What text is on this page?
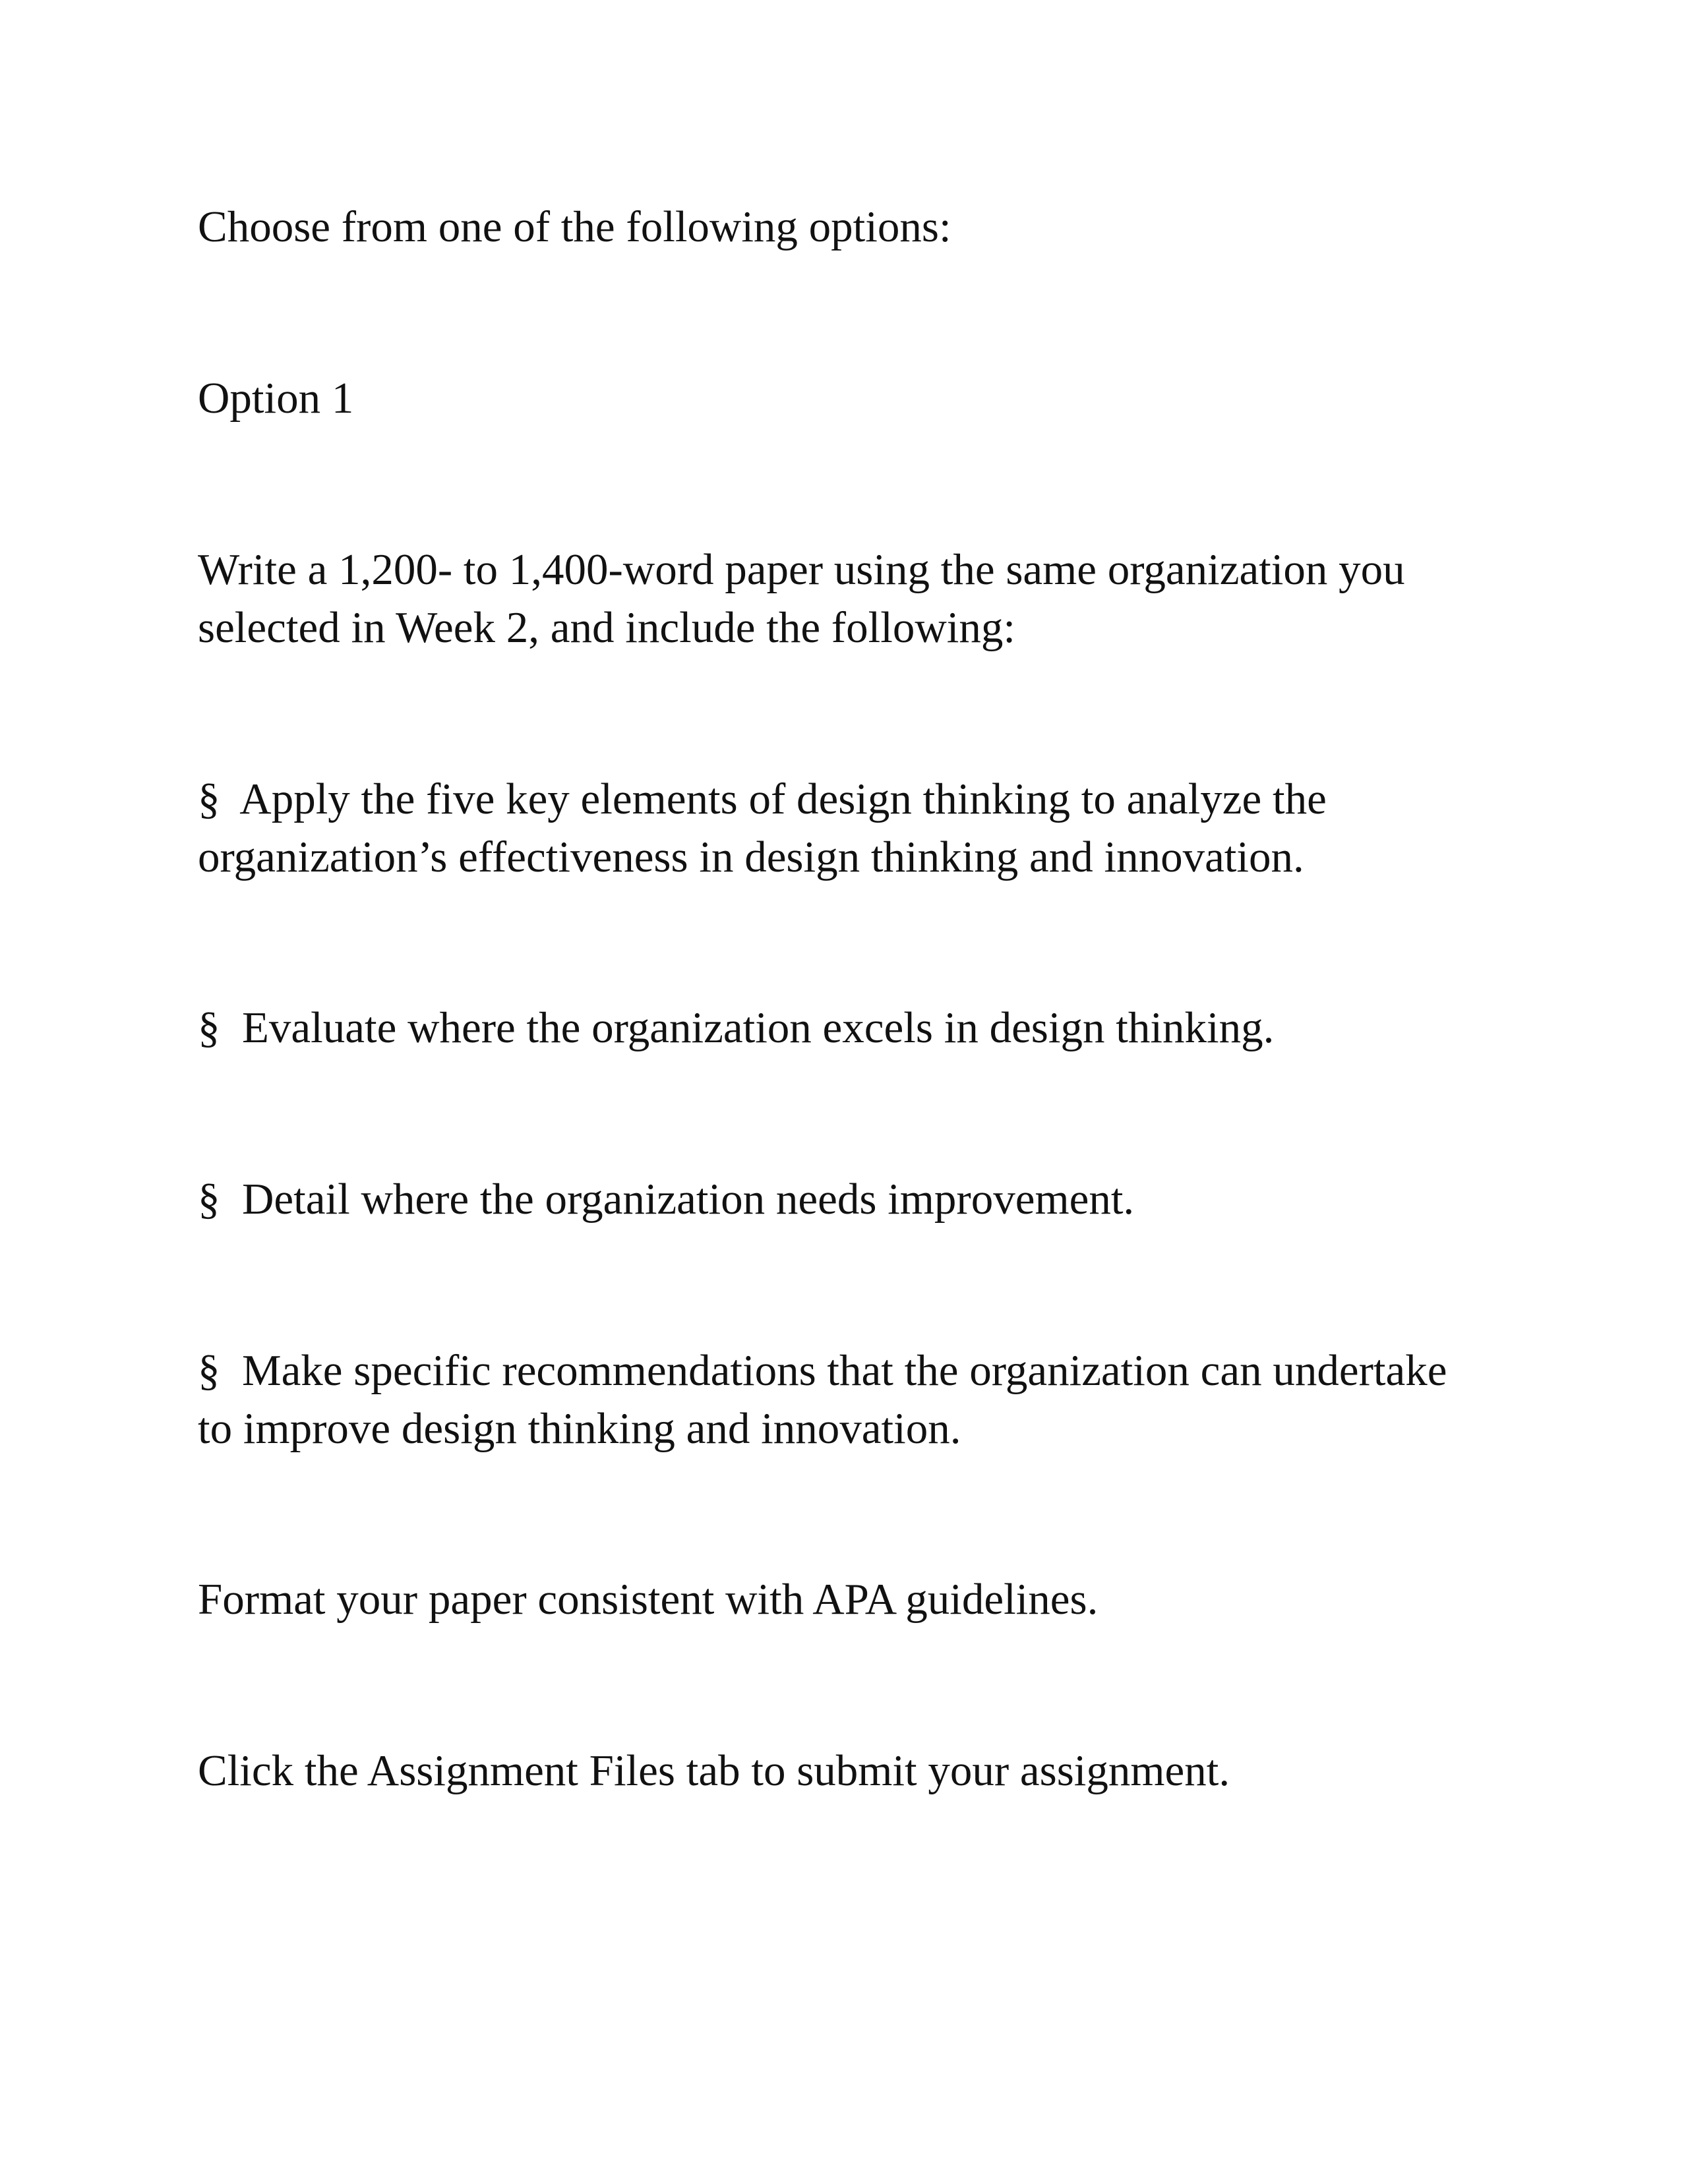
Choose from one of the following options:

Option 1

Write a 1,200- to 1,400-word paper using the same organization you
selected in Week 2, and include the following:

§  Apply the five key elements of design thinking to analyze the
organization’s effectiveness in design thinking and innovation.

§  Evaluate where the organization excels in design thinking.

§  Detail where the organization needs improvement.

§  Make specific recommendations that the organization can undertake
to improve design thinking and innovation.

Format your paper consistent with APA guidelines.

Click the Assignment Files tab to submit your assignment.
